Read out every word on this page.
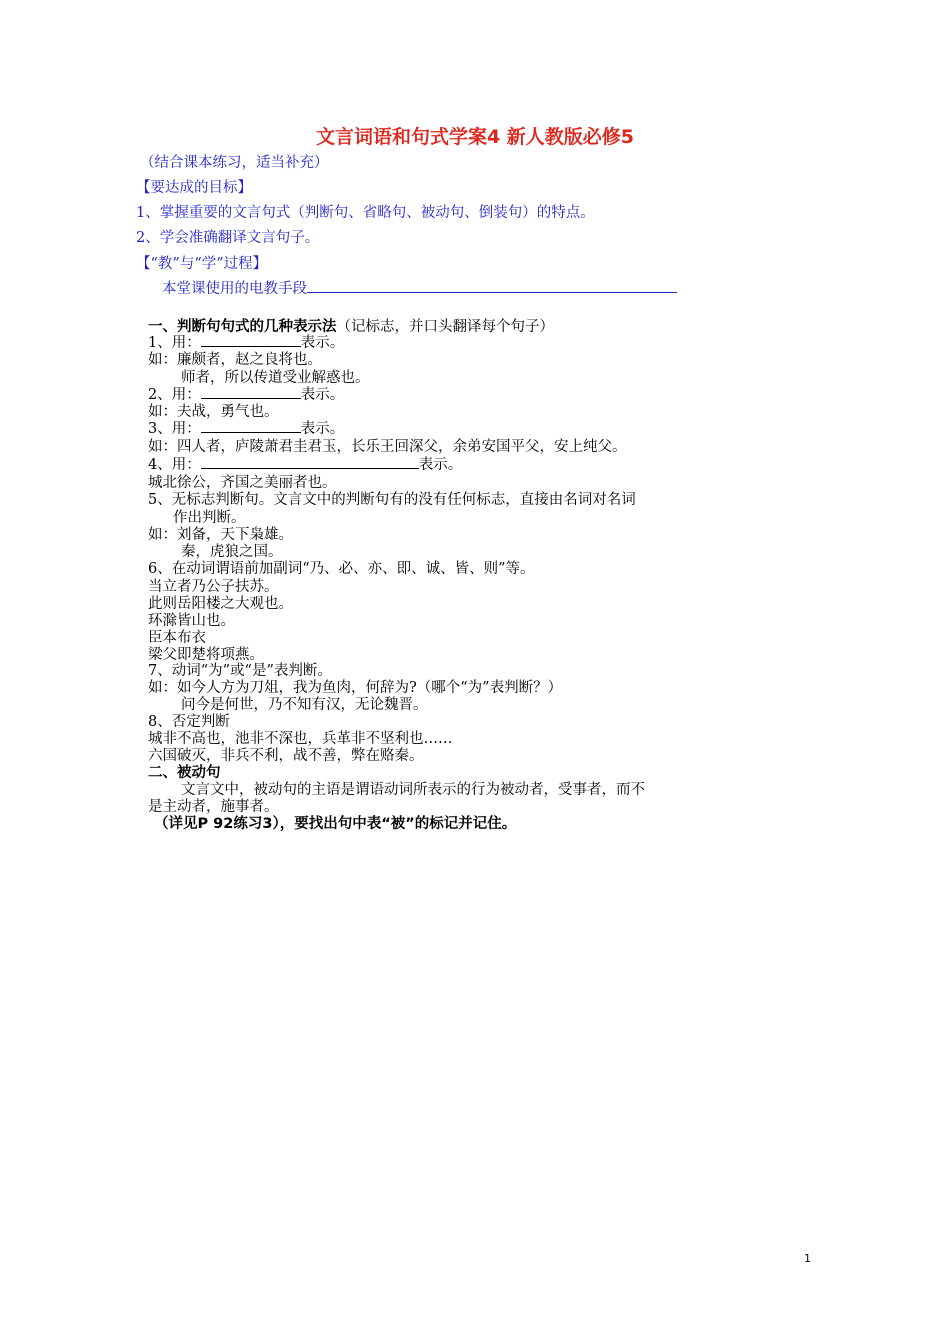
文言词语和句式学案4 新人教版必修5
（结合课本练习，适当补充）
【要达成的目标】
1、掌握重要的文言句式（判断句、省略句、被动句、倒装句）的特点。
2、学会准确翻译文言句子。
【“教”与“学”过程】
本堂课使用的电教手段
一、判断句句式的几种表示法（记标志，并口头翻译每个句子）
1、用：	表示。
如：廉颇者，赵之良将也。
师者，所以传道受业解惑也。
2、用：	表示。
如：夫战，勇气也。
3、用：	表示。
如：四人者，庐陵萧君圭君玉，长乐王回深父，余弟安国平父，安上纯父。
4、用：	表示。
城北徐公，齐国之美丽者也。
5、无标志判断句。文言文中的判断句有的没有任何标志，直接由名词对名词
作出判断。
如：刘备，天下枭雄。
秦，虎狼之国。
6、在动词谓语前加副词“乃、必、亦、即、诚、皆、则”等。
当立者乃公子扶苏。
此则岳阳楼之大观也。
环滁皆山也。
臣本布衣
梁父即楚将项燕。
7、动词“为”或“是”表判断。
如：如今人方为刀俎，我为鱼肉，何辞为?（哪个“为”表判断？）
问今是何世，乃不知有汉，无论魏晋。
8、否定判断
城非不高也，池非不深也，兵革非不坚利也……
六国破灭，非兵不利，战不善，弊在赂秦。
二、被动句
文言文中，被动句的主语是谓语动词所表示的行为被动者，受事者，而不
是主动者，施事者。
（详见P 92练习3），要找出句中表“被”的标记并记住。
1
